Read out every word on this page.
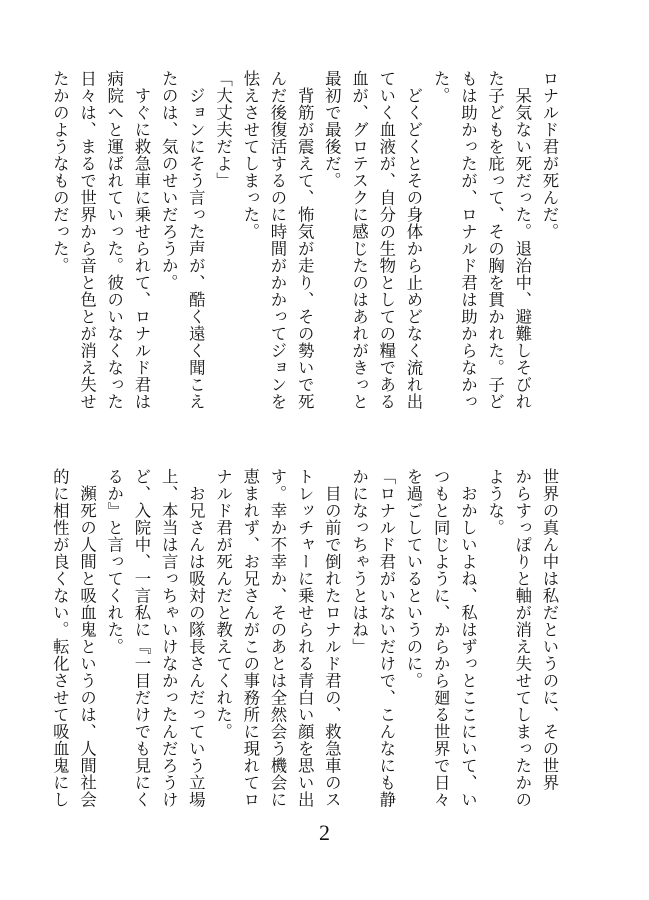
ロナルド君が死んだ。

　呆気ない死だった。退治中、避難しそびれ

た子どもを庇って、その胸を貫かれた。子ど

もは助かったが、ロナルド君は助からなかっ

た。

　どくどくとその身体から止めどなく流れ出

ていく血液が、自分の生物としての糧である

血が、グロテスクに感じたのはあれがきっと

最初で最後だ。

　背筋が震えて、怖気が走り、その勢いで死

んだ後復活するのに時間がかかってジョンを

怯えさせてしまった。

「大丈夫だよ」

　ジョンにそう言った声が、酷く遠く聞こえ

たのは、気のせいだろうか。

　すぐに救急車に乗せられて、ロナルド君は

病院へと運ばれていった。彼のいなくなった

日々は、まるで世界から音と色とが消え失せ

たかのようなものだった。

世界の真ん中は私だというのに、その世界

からすっぽりと軸が消え失せてしまったかの

ような。

　おかしいよね、私はずっとここにいて、い

つもと同じように、からから廻る世界で日々

を過ごしているというのに。

「ロナルド君がいないだけで、こんなにも静

かになっちゃうとはね」

　目の前で倒れたロナルド君の、救急車のス

トレッチャーに乗せられる青白い顔を思い出

す。幸か不幸か、そのあとは全然会う機会に

恵まれず、お兄さんがこの事務所に現れてロ

ナルド君が死んだと教えてくれた。

　お兄さんは吸対の隊長さんだっていう立場

上、本当は言っちゃいけなかったんだろうけ

ど、入院中、一言私に『一目だけでも見にく

るか』と言ってくれた。

　瀕死の人間と吸血鬼というのは、人間社会

的に相性が良くない。転化させて吸血鬼にし

2
